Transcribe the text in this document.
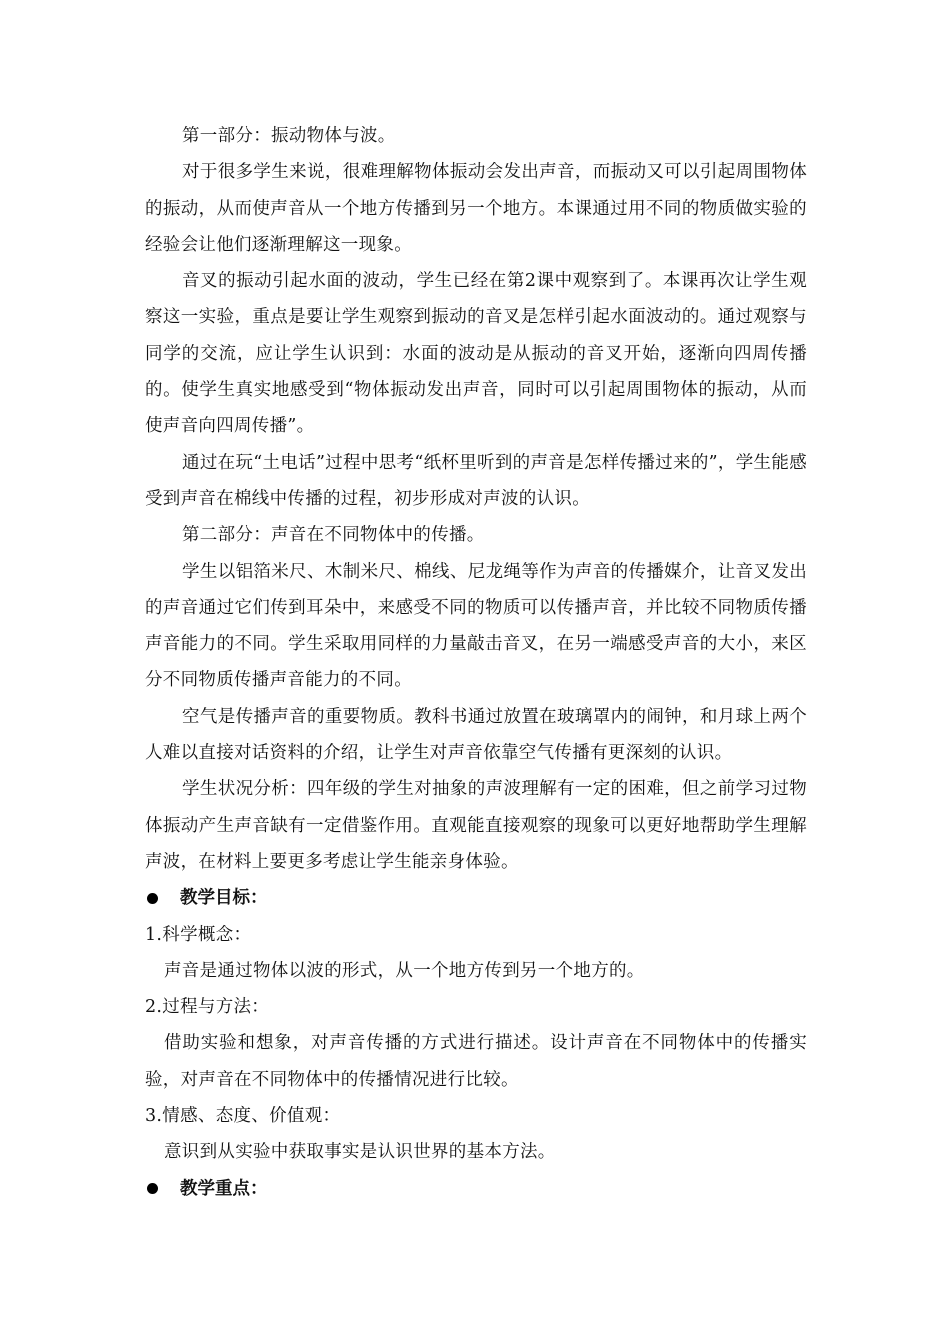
第一部分：振动物体与波。

对于很多学生来说，很难理解物体振动会发出声音，而振动又可以引起周围物体的振动，从而使声音从一个地方传播到另一个地方。本课通过用不同的物质做实验的经验会让他们逐渐理解这一现象。

音叉的振动引起水面的波动，学生已经在第2课中观察到了。本课再次让学生观察这一实验，重点是要让学生观察到振动的音叉是怎样引起水面波动的。通过观察与同学的交流，应让学生认识到：水面的波动是从振动的音叉开始，逐渐向四周传播的。使学生真实地感受到“物体振动发出声音，同时可以引起周围物体的振动，从而使声音向四周传播”。

通过在玩“土电话”过程中思考“纸杯里听到的声音是怎样传播过来的”，学生能感受到声音在棉线中传播的过程，初步形成对声波的认识。

第二部分：声音在不同物体中的传播。

学生以铝箔米尺、木制米尺、棉线、尼龙绳等作为声音的传播媒介，让音叉发出的声音通过它们传到耳朵中，来感受不同的物质可以传播声音，并比较不同物质传播声音能力的不同。学生采取用同样的力量敲击音叉，在另一端感受声音的大小，来区分不同物质传播声音能力的不同。

空气是传播声音的重要物质。教科书通过放置在玻璃罩内的闹钟，和月球上两个人难以直接对话资料的介绍，让学生对声音依靠空气传播有更深刻的认识。

学生状况分析：四年级的学生对抽象的声波理解有一定的困难，但之前学习过物体振动产生声音缺有一定借鉴作用。直观能直接观察的现象可以更好地帮助学生理解声波，在材料上要更多考虑让学生能亲身体验。

教学目标：

1.科学概念：

声音是通过物体以波的形式，从一个地方传到另一个地方的。

2.过程与方法：

借助实验和想象，对声音传播的方式进行描述。设计声音在不同物体中的传播实验，对声音在不同物体中的传播情况进行比较。

3.情感、态度、价值观：

意识到从实验中获取事实是认识世界的基本方法。

教学重点：
